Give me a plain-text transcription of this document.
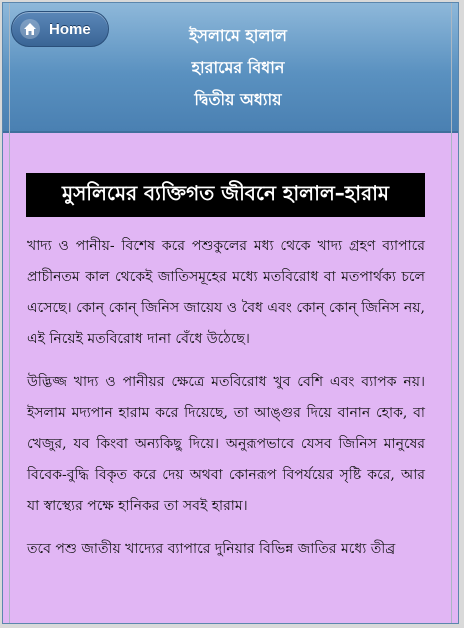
Home	ইসলামে হালাল
হারামের বিধান
দ্বিতীয় অধ্যায়
মুসলিমের ব্যক্তিগত জীবনে হালাল–হারাম

খাদ্য ও পানীয়- বিশেষ করে পশুকুলের মধ্য থেকে খাদ্য গ্রহণ ব্যাপারে প্রাচীনতম কাল থেকেই জাতিসমূহের মধ্যে মতবিরোধ বা মতপার্থক্য চলে এসেছে। কোন্ কোন্ জিনিস জায়েয ও বৈধ এবং কোন্ কোন্ জিনিস নয়, এই নিয়েই মতবিরোধ দানা বেঁধে উঠেছে।

উদ্ভিজ্জ খাদ্য ও পানীয়র ক্ষেত্রে মতবিরোধ খুব বেশি এবং ব্যাপক নয়। ইসলাম মদ্যপান হারাম করে দিয়েছে, তা আঙ্গুর দিয়ে বানান হোক, বা খেজুর, যব কিংবা অন্যকিছু দিয়ে। অনুরূপভাবে যেসব জিনিস মানুষের বিবেক-বুদ্ধি বিকৃত করে দেয় অথবা কোনরূপ বিপর্যয়ের সৃষ্টি করে, আর যা স্বাস্থ্যের পক্ষে হানিকর তা সবই হারাম।

তবে পশু জাতীয় খাদ্যের ব্যাপারে দুনিয়ার বিভিন্ন জাতির মধ্যে তীব্র
